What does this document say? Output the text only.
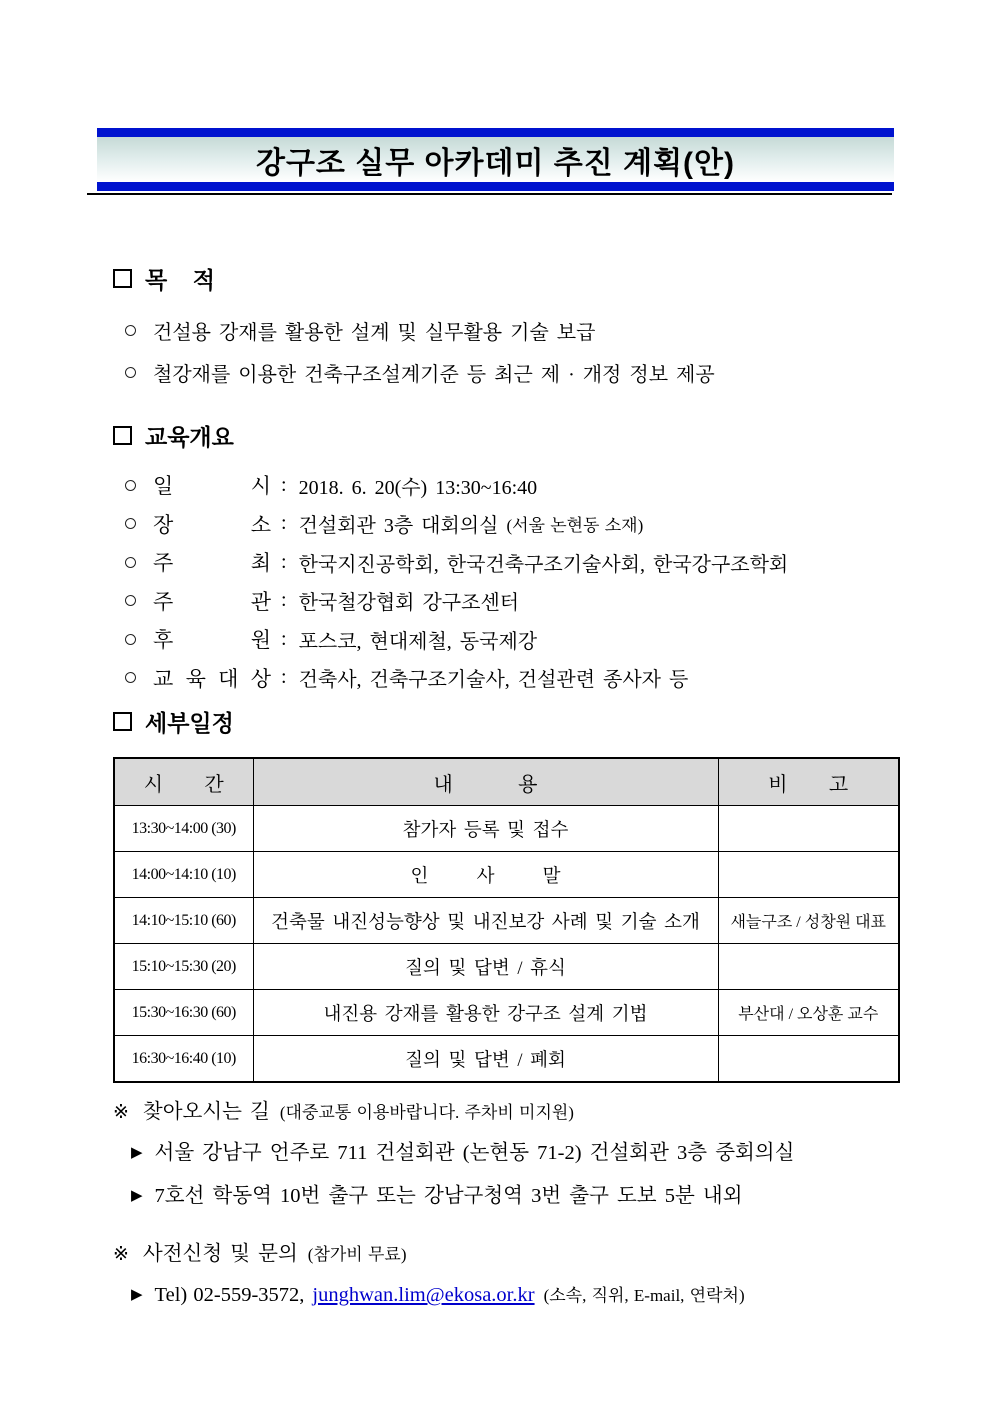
강구조 실무 아카데미 추진 계획(안)
목 적
건설용 강재를 활용한 설계 및 실무활용 기술 보급
철강재를 이용한 건축구조설계기준 등 최근 제 · 개정 정보 제공
교육개요
일	시 : 2018. 6. 20(수) 13:30~16:40
장	소 : 건설회관 3층 대회의실 (서울 논현동 소재)
주	최 : 한국지진공학회, 한국건축구조기술사회, 한국강구조학회
주	관 : 한국철강협회 강구조센터
후	원 : 포스코, 현대제철, 동국제강
교 육 대 상 : 건축사, 건축구조기술사, 건설관련 종사자 등
세부일정
시 간	내 용	비 고

13:30~14:00 (30)	참가자 등록 및 접수	
14:00~14:10 (10)	인 사 말	

14:10~15:10 (60)	건축물 내진성능향상 및 내진보강 사례 및 기술 소개	새늘구조 / 성창원 대표
15:10~15:30 (20)	질의 및 답변 / 휴식	
15:30~16:30 (60)	내진용 강재를 활용한 강구조 설계 기법	부산대 / 오상훈 교수
16:30~16:40 (10)	질의 및 답변 / 폐회	
※ 찾아오시는 길 (대중교통 이용바랍니다. 주차비 미지원)
▶ 서울 강남구 언주로 711 건설회관 (논현동 71-2) 건설회관 3층 중회의실
▶ 7호선 학동역 10번 출구 또는 강남구청역 3번 출구 도보 5분 내외
※ 사전신청 및 문의 (참가비 무료)
▶ Tel) 02-559-3572, junghwan.lim@ekosa.or.kr (소속, 직위, E-mail, 연락처)
